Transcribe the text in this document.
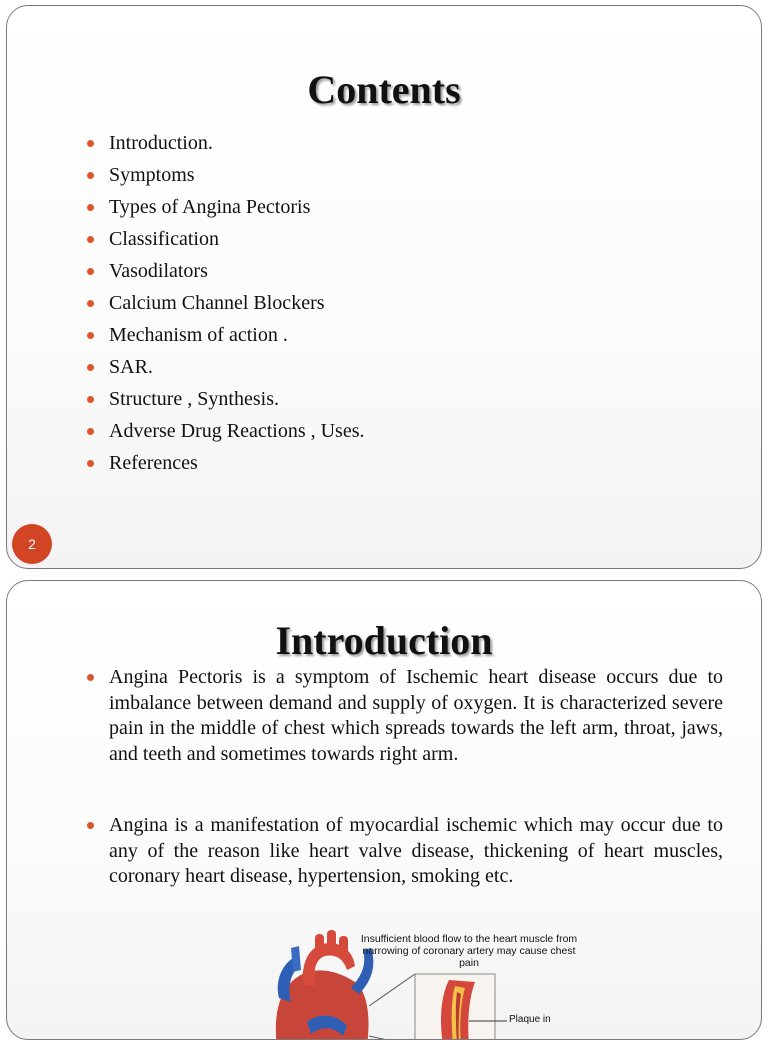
Contents
Introduction.
Symptoms
Types of Angina Pectoris
Classification
Vasodilators
Calcium Channel Blockers
Mechanism of action .
SAR.
Structure , Synthesis.
Adverse Drug Reactions , Uses.
References
2
Introduction
Angina Pectoris is a symptom of Ischemic heart disease occurs due to imbalance between demand and supply of oxygen. It is characterized severe pain in the middle of chest which spreads towards the left arm, throat, jaws, and teeth and sometimes towards right arm.
Angina is a manifestation of myocardial ischemic which may occur due to any of the reason like heart valve disease, thickening of heart muscles, coronary heart disease, hypertension, smoking etc.
Insufficient blood flow to the heart muscle from narrowing of coronary artery may cause chest pain
Plaque in
